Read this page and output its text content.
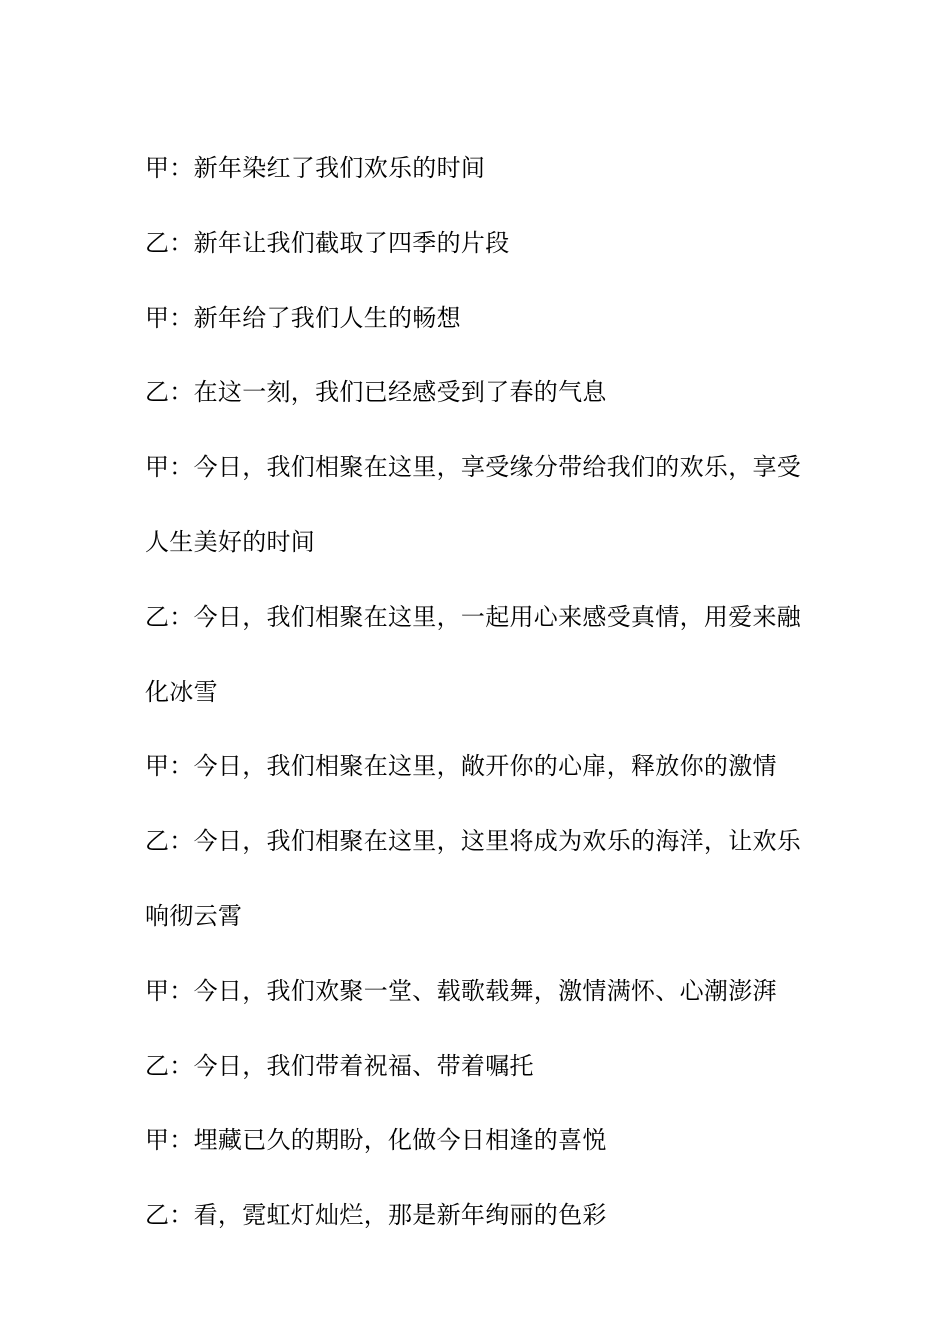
甲：新年染红了我们欢乐的时间

乙：新年让我们截取了四季的片段

甲：新年给了我们人生的畅想

乙：在这一刻，我们已经感受到了春的气息

甲：今日，我们相聚在这里，享受缘分带给我们的欢乐，享受人生美好的时间

乙：今日，我们相聚在这里，一起用心来感受真情，用爱来融化冰雪

甲：今日，我们相聚在这里，敞开你的心扉，释放你的激情

乙：今日，我们相聚在这里，这里将成为欢乐的海洋，让欢乐响彻云霄

甲：今日，我们欢聚一堂、载歌载舞，激情满怀、心潮澎湃

乙：今日，我们带着祝福、带着嘱托

甲：埋藏已久的期盼，化做今日相逢的喜悦

乙：看，霓虹灯灿烂，那是新年绚丽的色彩
